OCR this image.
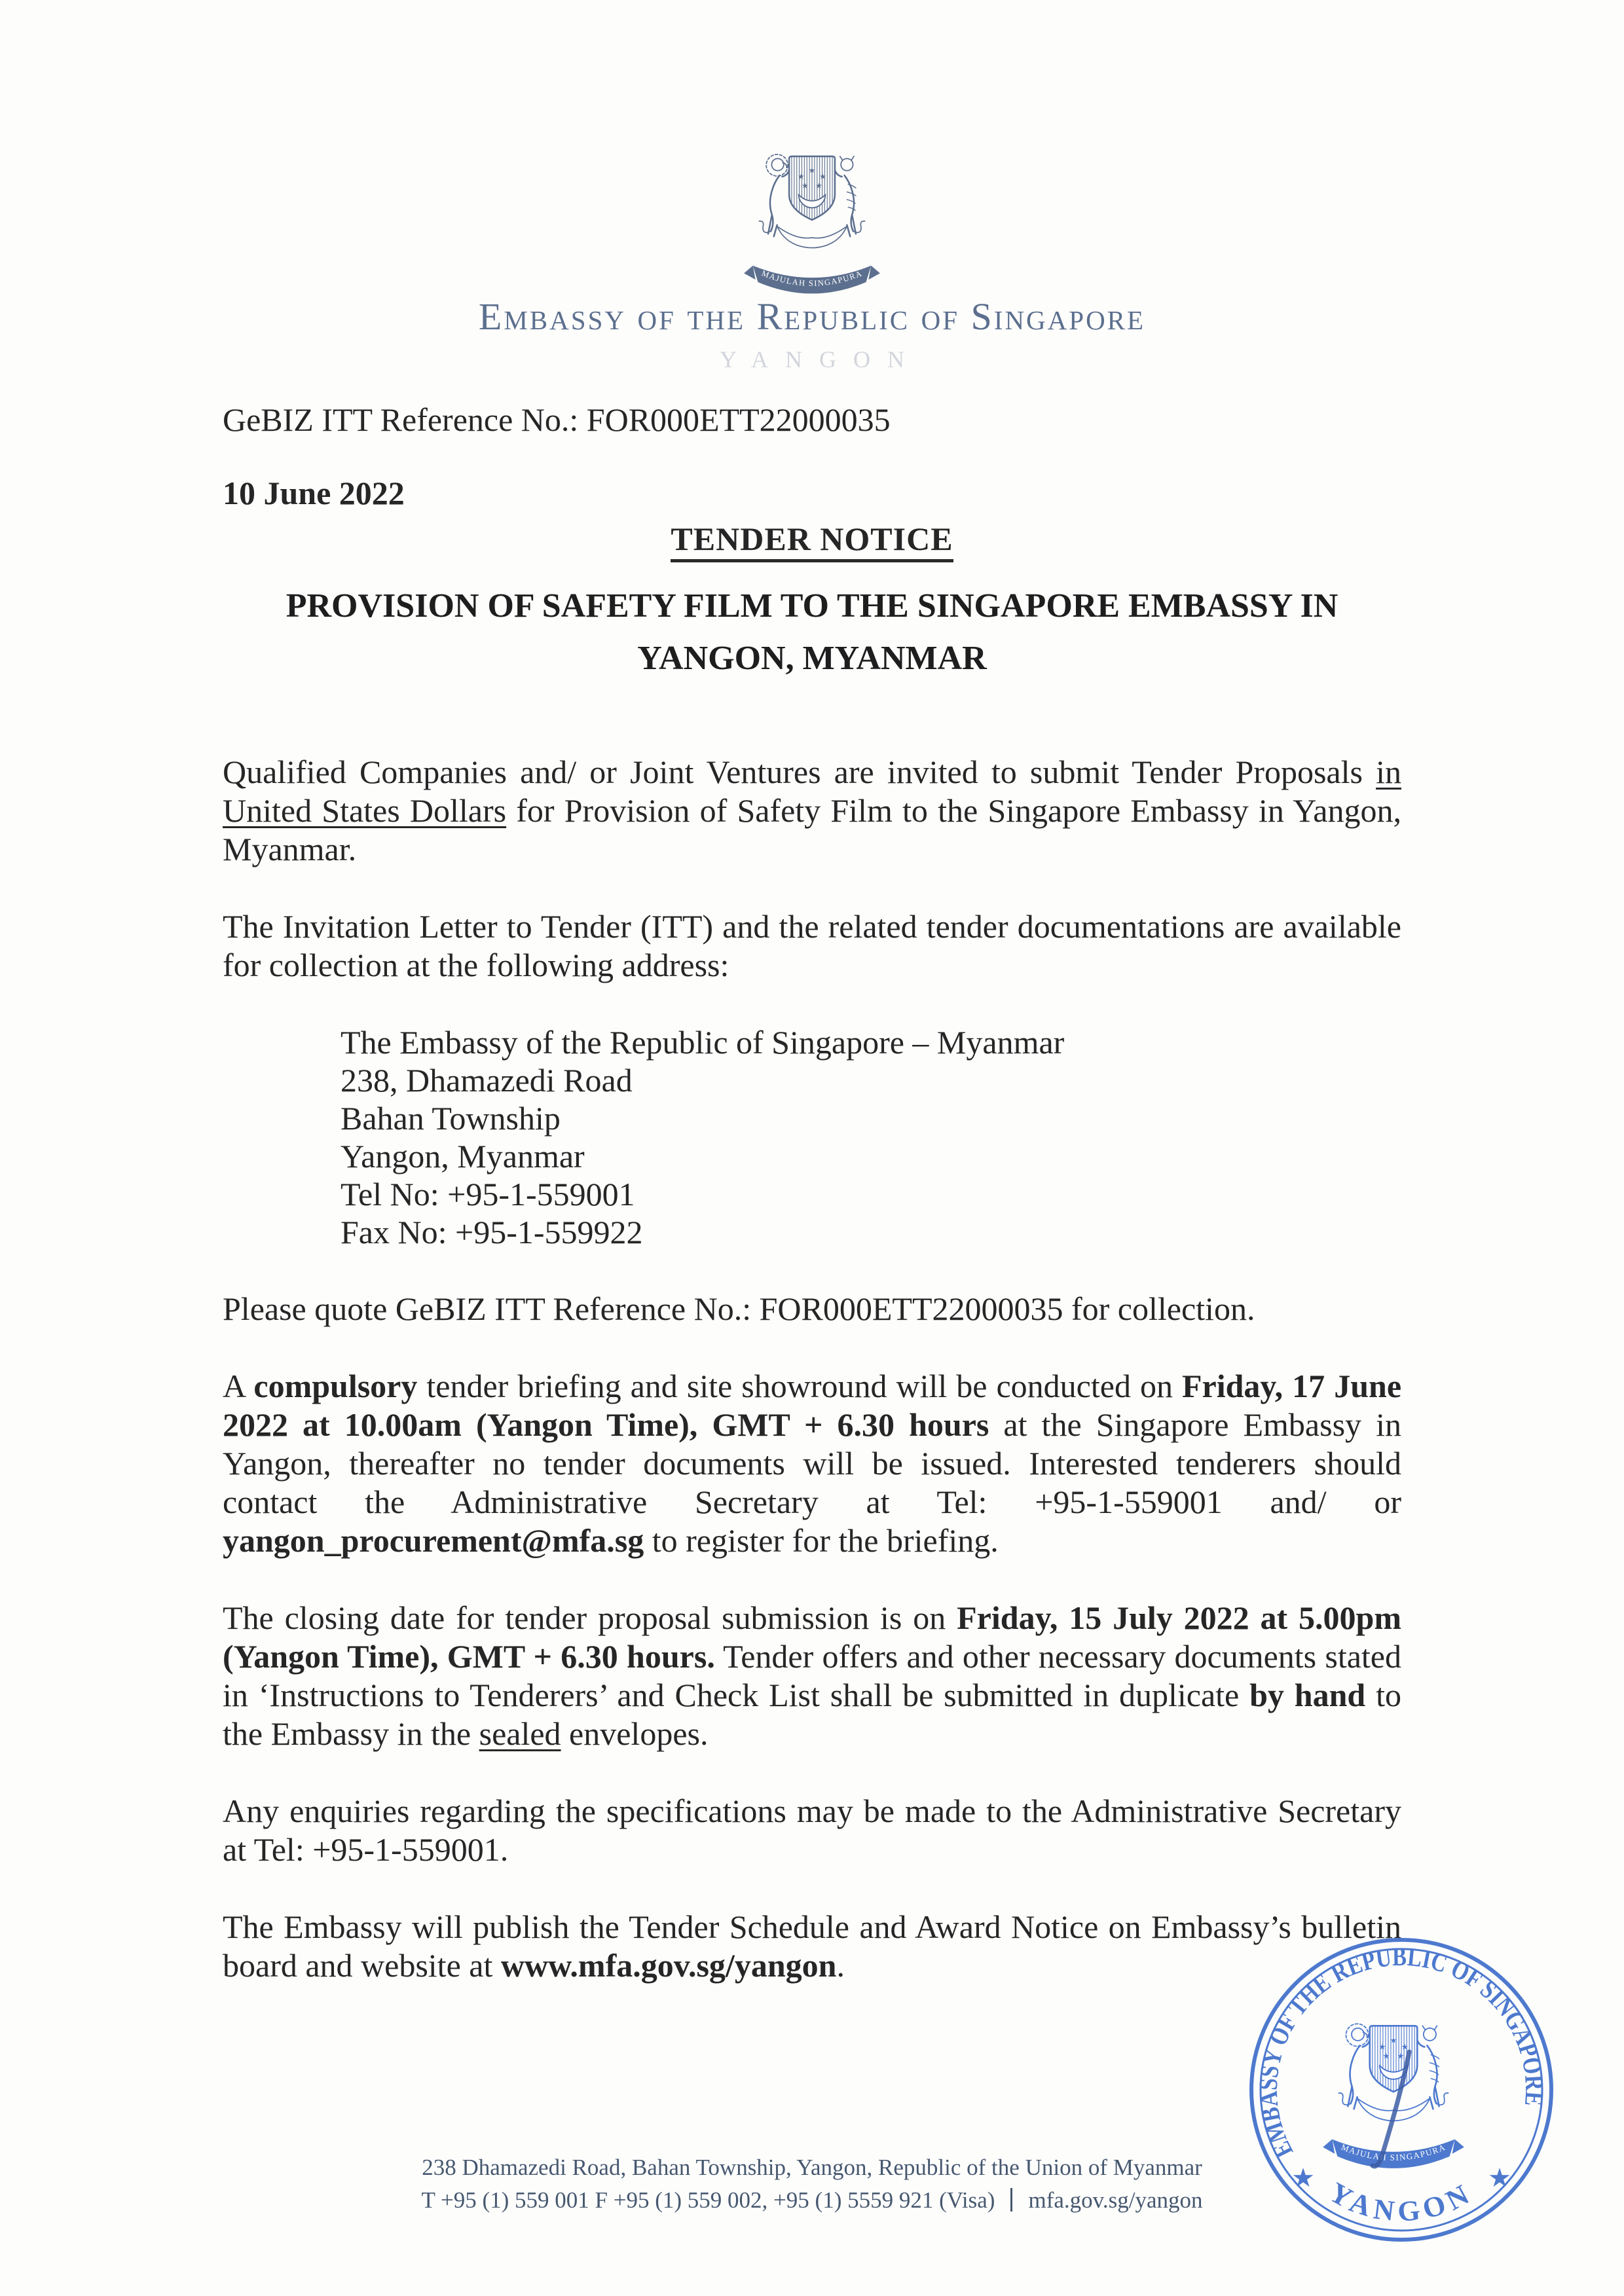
Embassy of the Republic of Singapore
YANGON
GeBIZ ITT Reference No.: FOR000ETT22000035
10 June 2022
TENDER NOTICE
PROVISION OF SAFETY FILM TO THE SINGAPORE EMBASSY IN
YANGON, MYANMAR

Qualified Companies and/ or Joint Ventures are invited to submit Tender Proposals in United States Dollars for Provision of Safety Film to the Singapore Embassy in Yangon, Myanmar.

The Invitation Letter to Tender (ITT) and the related tender documentations are available for collection at the following address:

The Embassy of the Republic of Singapore – Myanmar
238, Dhamazedi Road
Bahan Township
Yangon, Myanmar
Tel No: +95-1-559001
Fax No: +95-1-559922

Please quote GeBIZ ITT Reference No.: FOR000ETT22000035 for collection.

A compulsory tender briefing and site showround will be conducted on Friday, 17 June 2022 at 10.00am (Yangon Time), GMT + 6.30 hours at the Singapore Embassy in Yangon, thereafter no tender documents will be issued. Interested tenderers should contact the Administrative Secretary at Tel: +95-1-559001 and/ or yangon_procurement@mfa.sg to register for the briefing.

The closing date for tender proposal submission is on Friday, 15 July 2022 at 5.00pm (Yangon Time), GMT + 6.30 hours. Tender offers and other necessary documents stated in ‘Instructions to Tenderers’ and Check List shall be submitted in duplicate by hand to the Embassy in the sealed envelopes.

Any enquiries regarding the specifications may be made to the Administrative Secretary at Tel: +95-1-559001.

The Embassy will publish the Tender Schedule and Award Notice on Embassy’s bulletin board and website at www.mfa.gov.sg/yangon.

EMBASSY OF THE REPUBLIC OF SINGAPORE
YANGON
★	★
238 Dhamazedi Road, Bahan Township, Yangon, Republic of the Union of Myanmar
T +95 (1) 559 001 F +95 (1) 559 002, +95 (1) 5559 921 (Visa) mfa.gov.sg/yangon
